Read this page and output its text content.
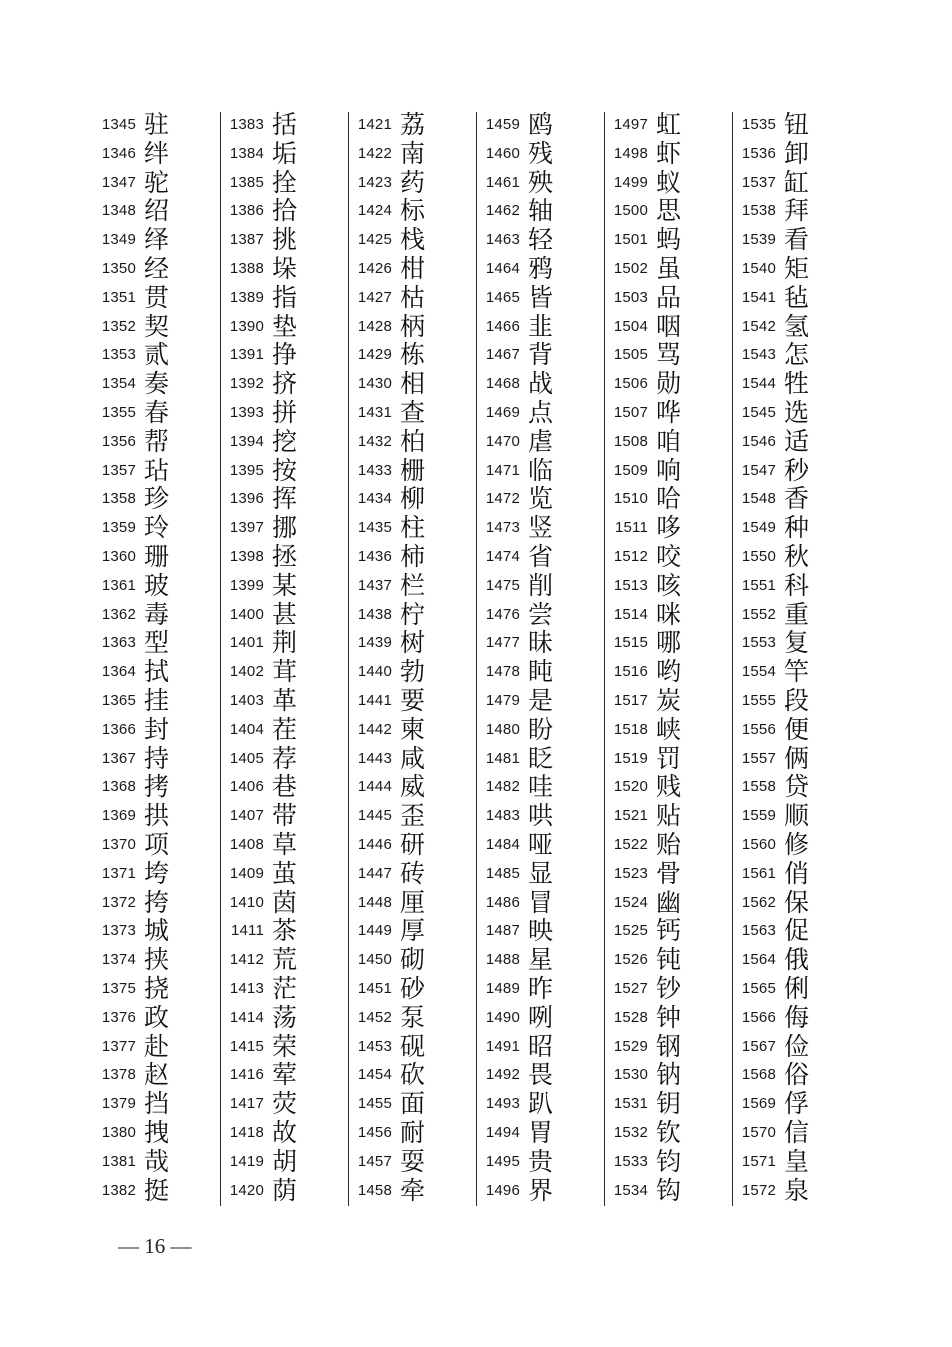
1345 驻
1346 绊
1347 驼
1348 绍
1349 绎
1350 经
1351 贯
1352 契
1353 贰
1354 奏
1355 春
1356 帮
1357 玷
1358 珍
1359 玲
1360 珊
1361 玻
1362 毒
1363 型
1364 拭
1365 挂
1366 封
1367 持
1368 拷
1369 拱
1370 项
1371 垮
1372 挎
1373 城
1374 挟
1375 挠
1376 政
1377 赴
1378 赵
1379 挡
1380 拽
1381 哉
1382 挺
1383 括
1384 垢
1385 拴
1386 拾
1387 挑
1388 垛
1389 指
1390 垫
1391 挣
1392 挤
1393 拼
1394 挖
1395 按
1396 挥
1397 挪
1398 拯
1399 某
1400 甚
1401 荆
1402 茸
1403 革
1404 茬
1405 荐
1406 巷
1407 带
1408 草
1409 茧
1410 茵
1411 茶
1412 荒
1413 茫
1414 荡
1415 荣
1416 荤
1417 荧
1418 故
1419 胡
1420 荫
1421 荔
1422 南
1423 药
1424 标
1425 栈
1426 柑
1427 枯
1428 柄
1429 栋
1430 相
1431 查
1432 柏
1433 栅
1434 柳
1435 柱
1436 柿
1437 栏
1438 柠
1439 树
1440 勃
1441 要
1442 柬
1443 咸
1444 威
1445 歪
1446 研
1447 砖
1448 厘
1449 厚
1450 砌
1451 砂
1452 泵
1453 砚
1454 砍
1455 面
1456 耐
1457 耍
1458 牵
1459 鸥
1460 残
1461 殃
1462 轴
1463 轻
1464 鸦
1465 皆
1466 韭
1467 背
1468 战
1469 点
1470 虐
1471 临
1472 览
1473 竖
1474 省
1475 削
1476 尝
1477 昧
1478 盹
1479 是
1480 盼
1481 眨
1482 哇
1483 哄
1484 哑
1485 显
1486 冒
1487 映
1488 星
1489 昨
1490 咧
1491 昭
1492 畏
1493 趴
1494 胃
1495 贵
1496 界
1497 虹
1498 虾
1499 蚁
1500 思
1501 蚂
1502 虽
1503 品
1504 咽
1505 骂
1506 勋
1507 哗
1508 咱
1509 响
1510 哈
1511 哆
1512 咬
1513 咳
1514 咪
1515 哪
1516 哟
1517 炭
1518 峡
1519 罚
1520 贱
1521 贴
1522 贻
1523 骨
1524 幽
1525 钙
1526 钝
1527 钞
1528 钟
1529 钢
1530 钠
1531 钥
1532 钦
1533 钧
1534 钩
1535 钮
1536 卸
1537 缸
1538 拜
1539 看
1540 矩
1541 毡
1542 氢
1543 怎
1544 牲
1545 选
1546 适
1547 秒
1548 香
1549 种
1550 秋
1551 科
1552 重
1553 复
1554 竿
1555 段
1556 便
1557 俩
1558 贷
1559 顺
1560 修
1561 俏
1562 保
1563 促
1564 俄
1565 俐
1566 侮
1567 俭
1568 俗
1569 俘
1570 信
1571 皇
1572 泉
— 16 —
